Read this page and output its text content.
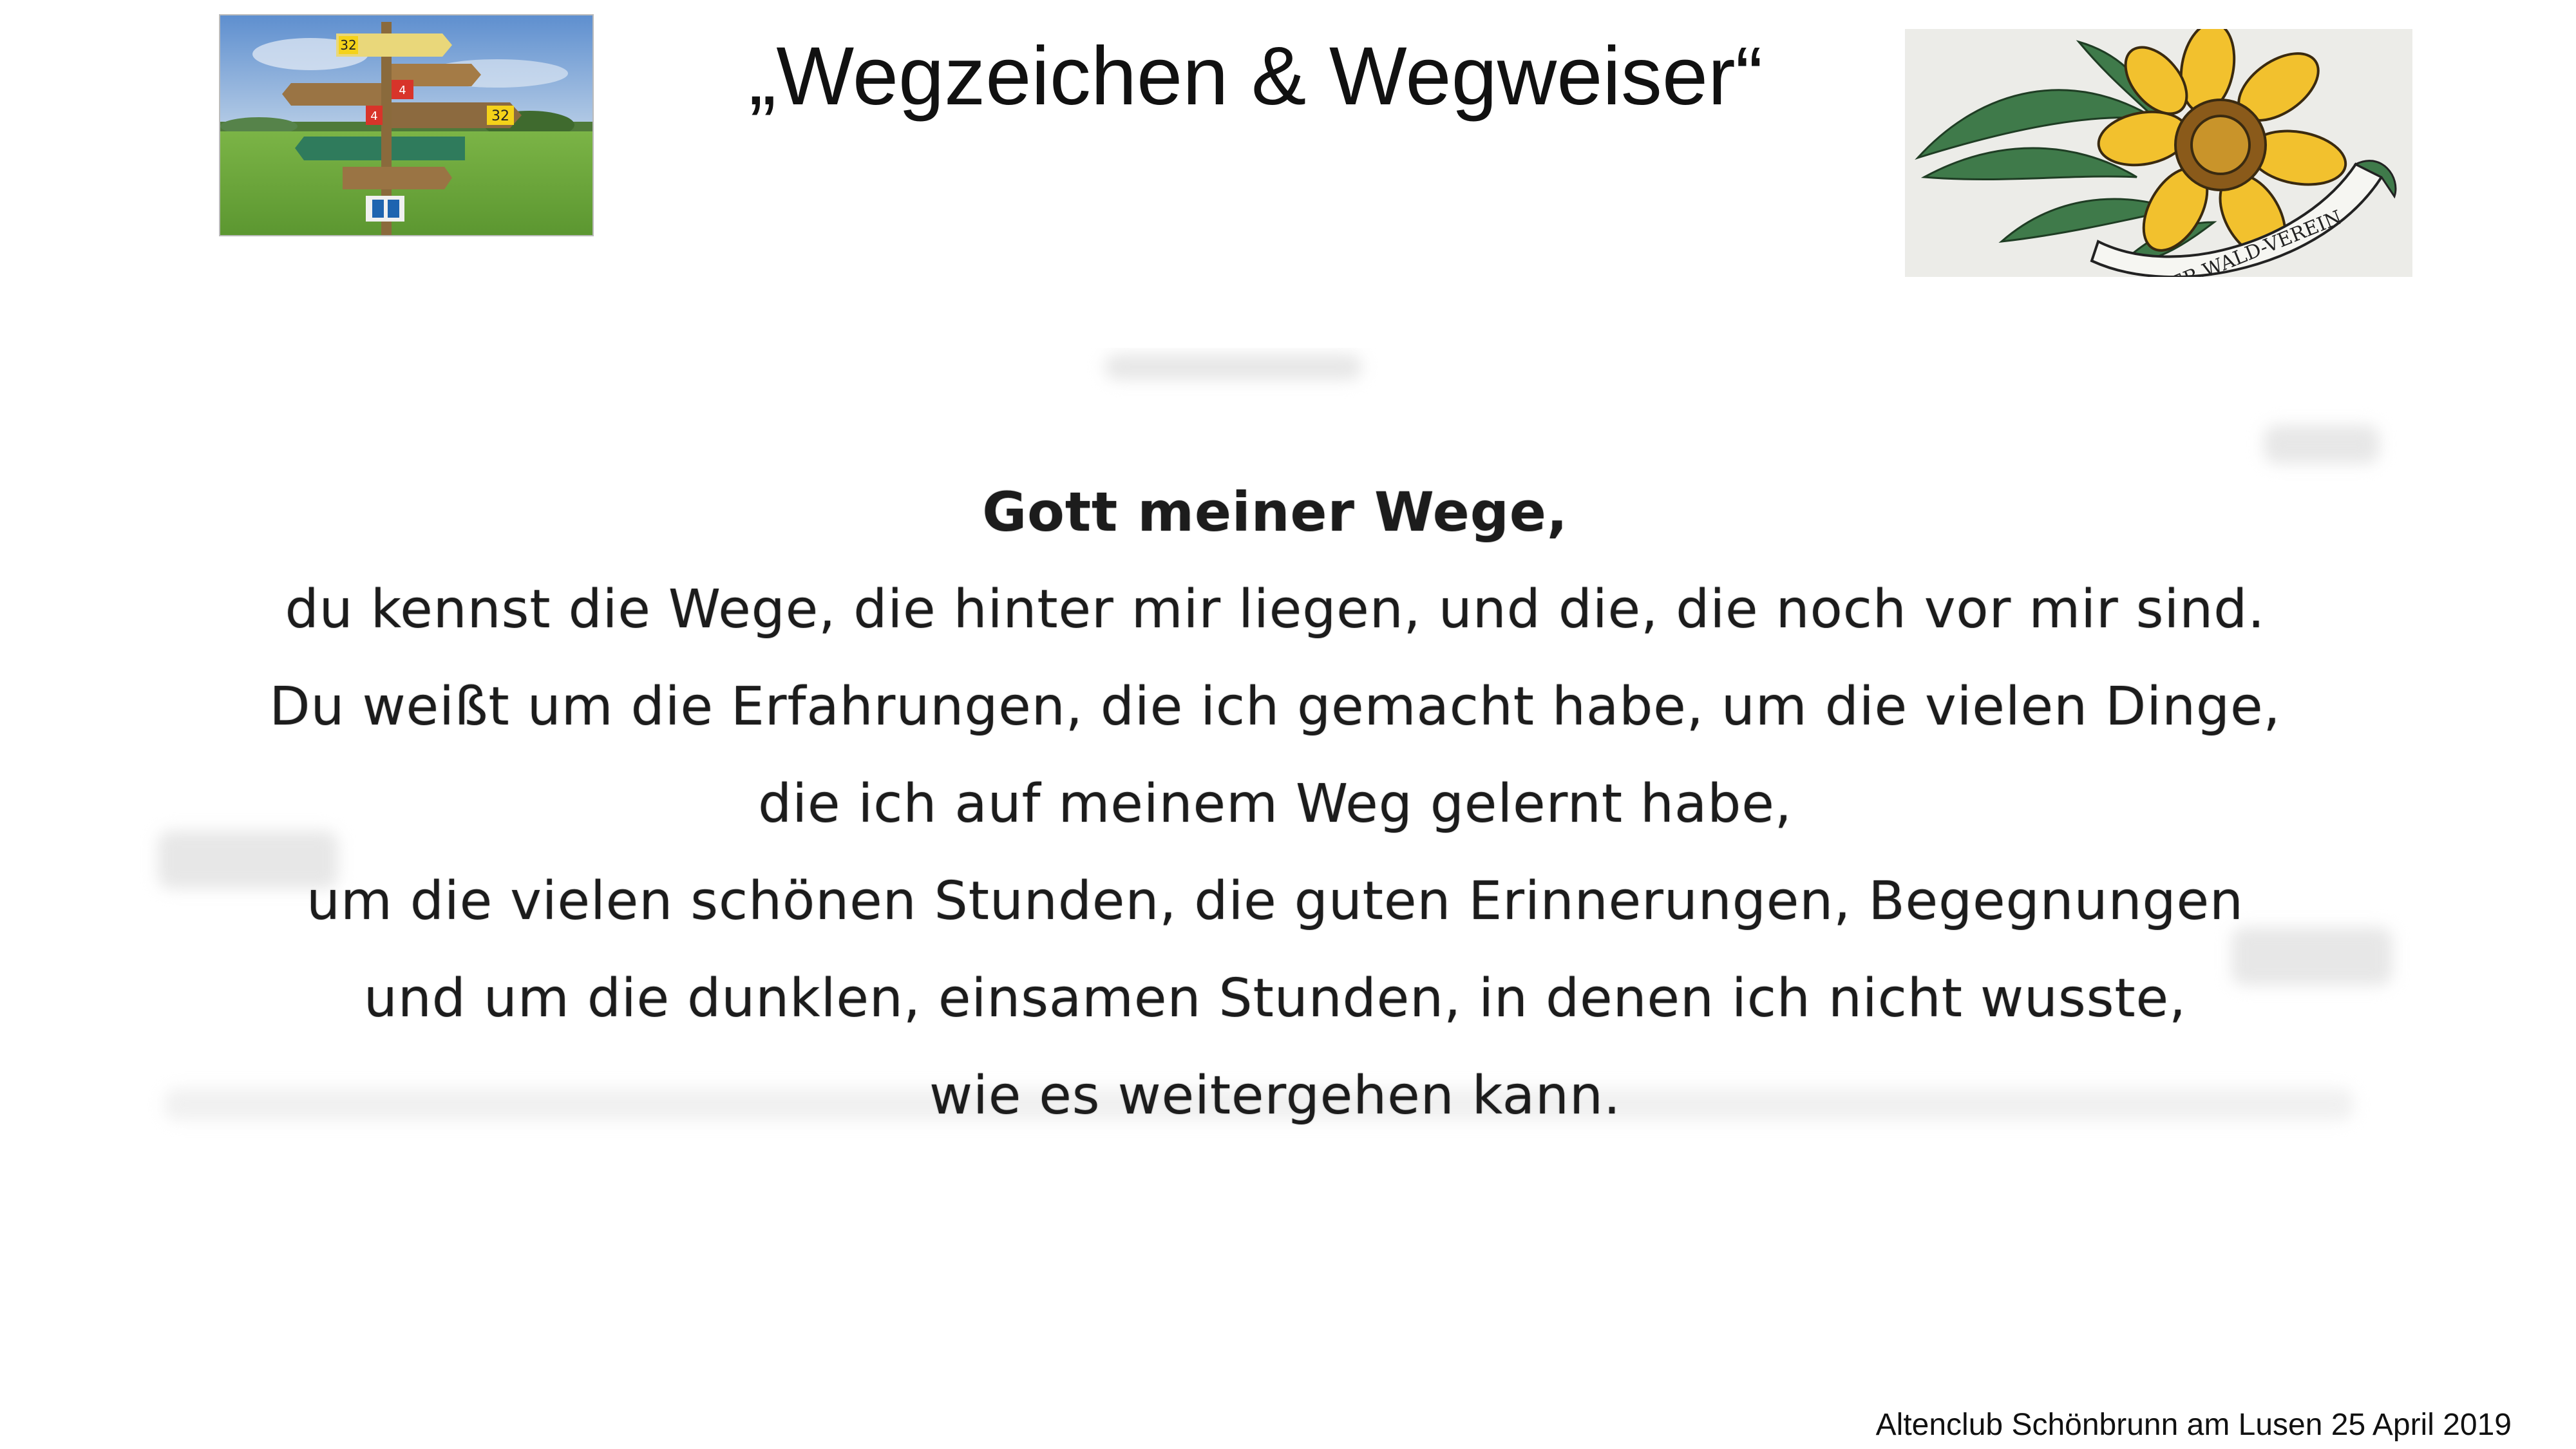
32
32
4
4	„Wegzeichen & Wegweiser“
Gott meiner Wege,
du kennst die Wege, die hinter mir liegen, und die, die noch vor mir sind.
Du weißt um die Erfahrungen, die ich gemacht habe, um die vielen Dinge,
die ich auf meinem Weg gelernt habe,
um die vielen schönen Stunden, die guten Erinnerungen, Begegnungen
und um die dunklen, einsamen Stunden, in denen ich nicht wusste,
wie es weitergehen kann.
Altenclub Schönbrunn am Lusen 25 April 2019
